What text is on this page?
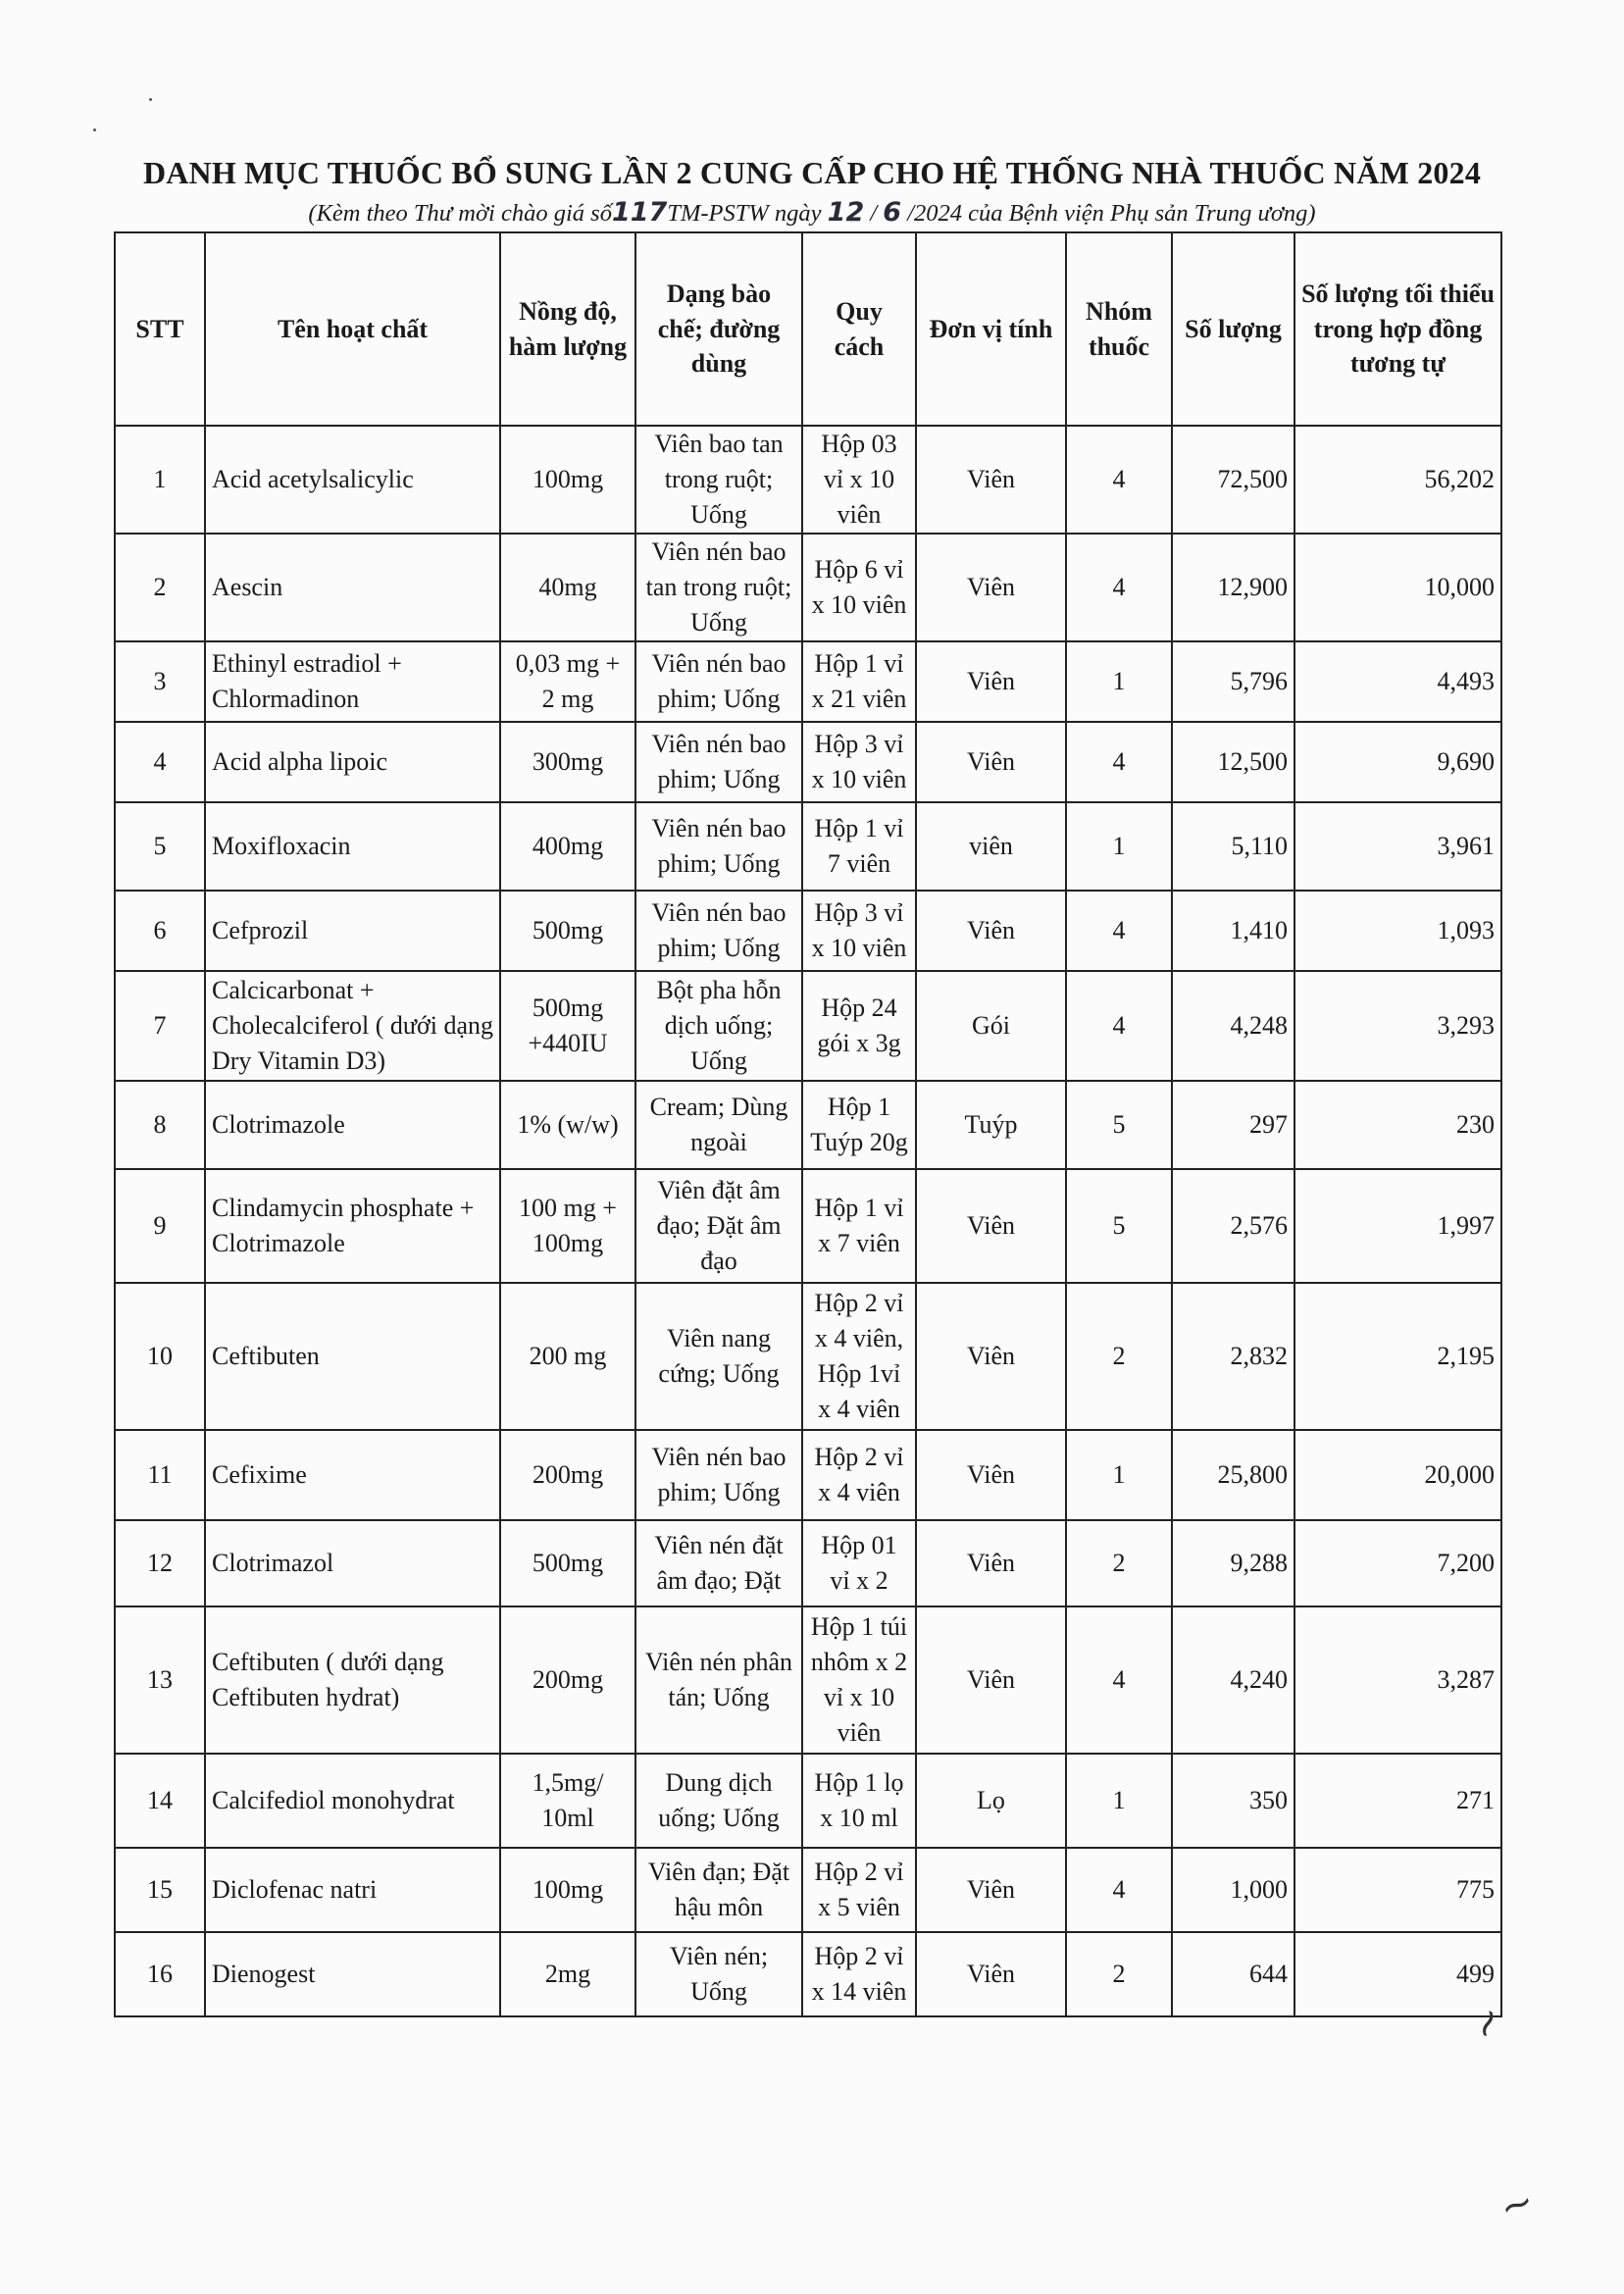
DANH MỤC THUỐC BỔ SUNG LẦN 2 CUNG CẤP CHO HỆ THỐNG NHÀ THUỐC NĂM 2024
(Kèm theo Thư mời chào giá số117TM-PSTW ngày 12 / 6 /2024 của Bệnh viện Phụ sản Trung ương)
STT	Tên hoạt chất	Nồng độ, hàm lượng	Dạng bào chế; đường dùng	Quy cách	Đơn vị tính	Nhóm thuốc	Số lượng	Số lượng tối thiểu trong hợp đồng tương tự
1	Acid acetylsalicylic	100mg	Viên bao tan trong ruột; Uống	Hộp 03 vỉ x 10 viên	Viên	4	72,500	56,202
2	Aescin	40mg	Viên nén bao tan trong ruột; Uống	Hộp 6 vỉ x 10 viên	Viên	4	12,900	10,000
3	Ethinyl estradiol + Chlormadinon	0,03 mg + 2 mg	Viên nén bao phim; Uống	Hộp 1 vỉ x 21 viên	Viên	1	5,796	4,493
4	Acid alpha lipoic	300mg	Viên nén bao phim; Uống	Hộp 3 vỉ x 10 viên	Viên	4	12,500	9,690
5	Moxifloxacin	400mg	Viên nén bao phim; Uống	Hộp 1 vỉ 7 viên	viên	1	5,110	3,961
6	Cefprozil	500mg	Viên nén bao phim; Uống	Hộp 3 vỉ x 10 viên	Viên	4	1,410	1,093
7	Calcicarbonat + Cholecalciferol ( dưới dạng Dry Vitamin D3)	500mg +440IU	Bột pha hỗn dịch uống; Uống	Hộp 24 gói x 3g	Gói	4	4,248	3,293
8	Clotrimazole	1% (w/w)	Cream; Dùng ngoài	Hộp 1 Tuýp 20g	Tuýp	5	297	230
9	Clindamycin phosphate + Clotrimazole	100 mg + 100mg	Viên đặt âm đạo; Đặt âm đạo	Hộp 1 vỉ x 7 viên	Viên	5	2,576	1,997
10	Ceftibuten	200 mg	Viên nang cứng; Uống	Hộp 2 vỉ x 4 viên, Hộp 1vỉ x 4 viên	Viên	2	2,832	2,195
11	Cefixime	200mg	Viên nén bao phim; Uống	Hộp 2 vỉ x 4 viên	Viên	1	25,800	20,000
12	Clotrimazol	500mg	Viên nén đặt âm đạo; Đặt	Hộp 01 vỉ x 2	Viên	2	9,288	7,200
13	Ceftibuten ( dưới dạng Ceftibuten hydrat)	200mg	Viên nén phân tán; Uống	Hộp 1 túi nhôm x 2 vỉ x 10 viên	Viên	4	4,240	3,287
14	Calcifediol monohydrat	1,5mg/ 10ml	Dung dịch uống; Uống	Hộp 1 lọ x 10 ml	Lọ	1	350	271
15	Diclofenac natri	100mg	Viên đạn; Đặt hậu môn	Hộp 2 vỉ x 5 viên	Viên	4	1,000	775
16	Dienogest	2mg	Viên nén; Uống	Hộp 2 vỉ x 14 viên	Viên	2	644	499
~
~
